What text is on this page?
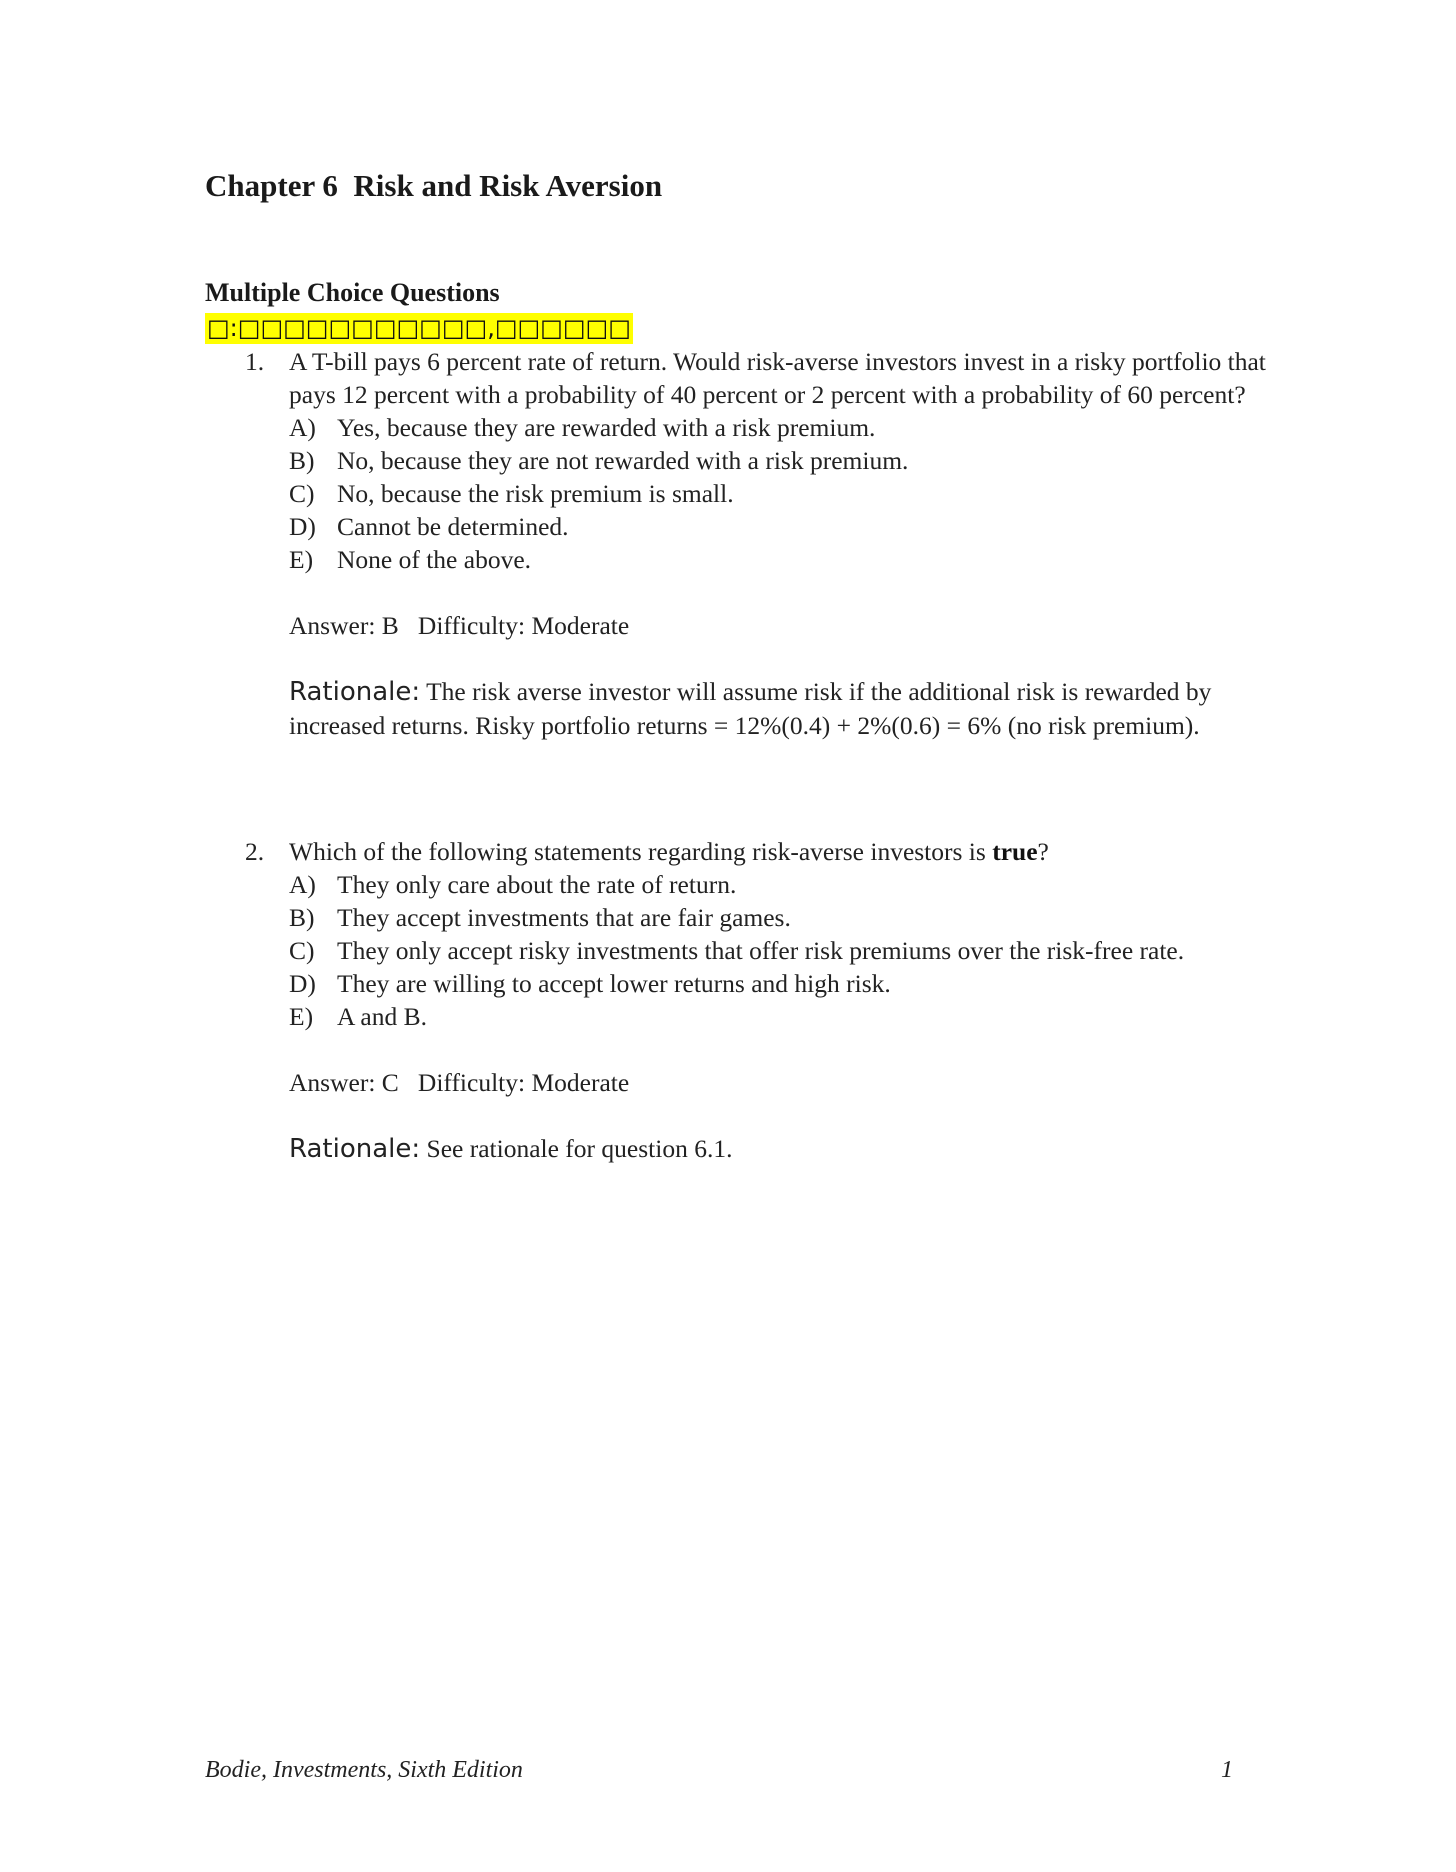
Chapter 6  Risk and Risk Aversion
Multiple Choice Questions
□:□□□□□□□□□□□,□□□□□□
1. A T-bill pays 6 percent rate of return. Would risk-averse investors invest in a risky portfolio that pays 12 percent with a probability of 40 percent or 2 percent with a probability of 60 percent?
A) Yes, because they are rewarded with a risk premium.
B) No, because they are not rewarded with a risk premium.
C) No, because the risk premium is small.
D) Cannot be determined.
E) None of the above.
Answer: B   Difficulty: Moderate
Rationale: The risk averse investor will assume risk if the additional risk is rewarded by increased returns. Risky portfolio returns = 12%(0.4) + 2%(0.6) = 6% (no risk premium).
2. Which of the following statements regarding risk-averse investors is true?
A) They only care about the rate of return.
B) They accept investments that are fair games.
C) They only accept risky investments that offer risk premiums over the risk-free rate.
D) They are willing to accept lower returns and high risk.
E) A and B.
Answer: C   Difficulty: Moderate
Rationale: See rationale for question 6.1.
Bodie, Investments, Sixth Edition	1
